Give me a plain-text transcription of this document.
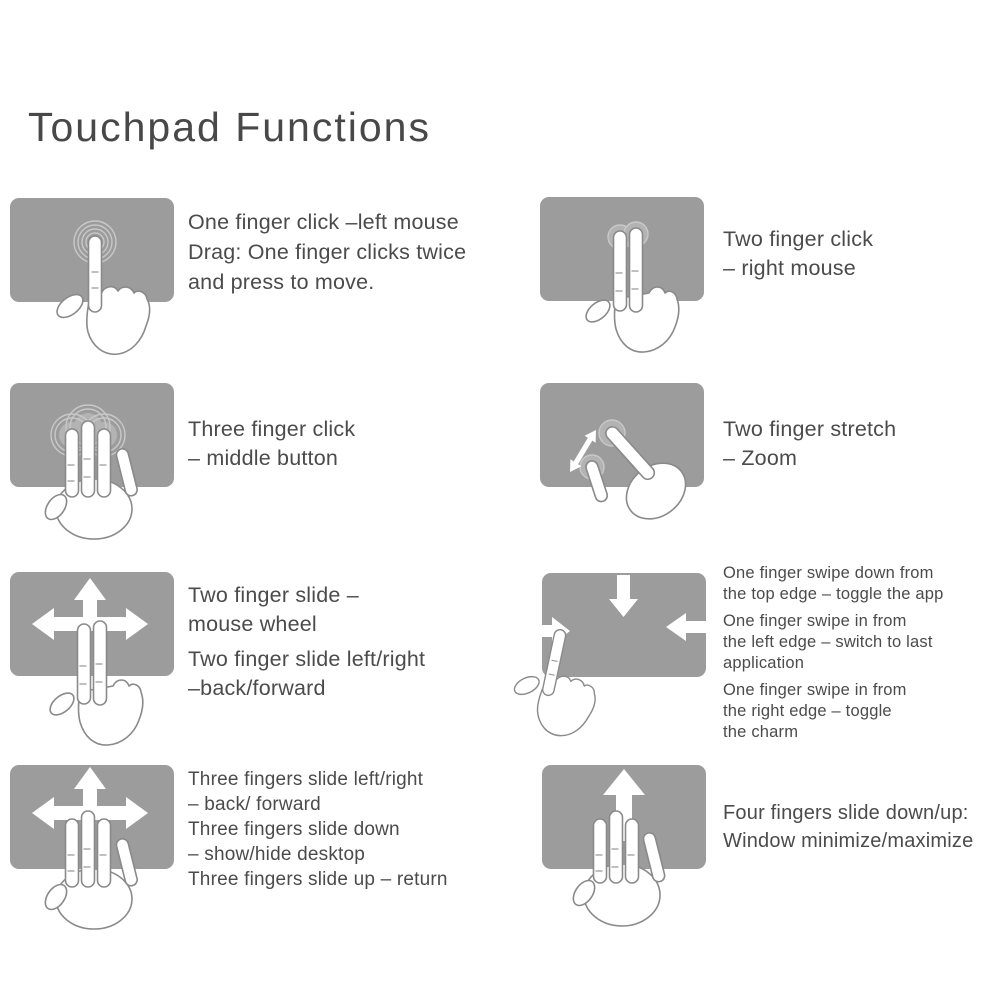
Touchpad Functions

One finger click –left mouse
Drag: One finger clicks twice
and press to move.

Two finger click
– right mouse

Three finger click
– middle button

Two finger stretch
– Zoom

Two finger slide –
mouse wheel

Two finger slide left/right
–back/forward

One finger swipe down from
the top edge – toggle the app

One finger swipe in from
the left edge – switch to last
application

One finger swipe in from
the right edge – toggle
the charm

Three fingers slide left/right
– back/ forward
Three fingers slide down
– show/hide desktop
Three fingers slide up – return

Four fingers slide down/up:
Window minimize/maximize
